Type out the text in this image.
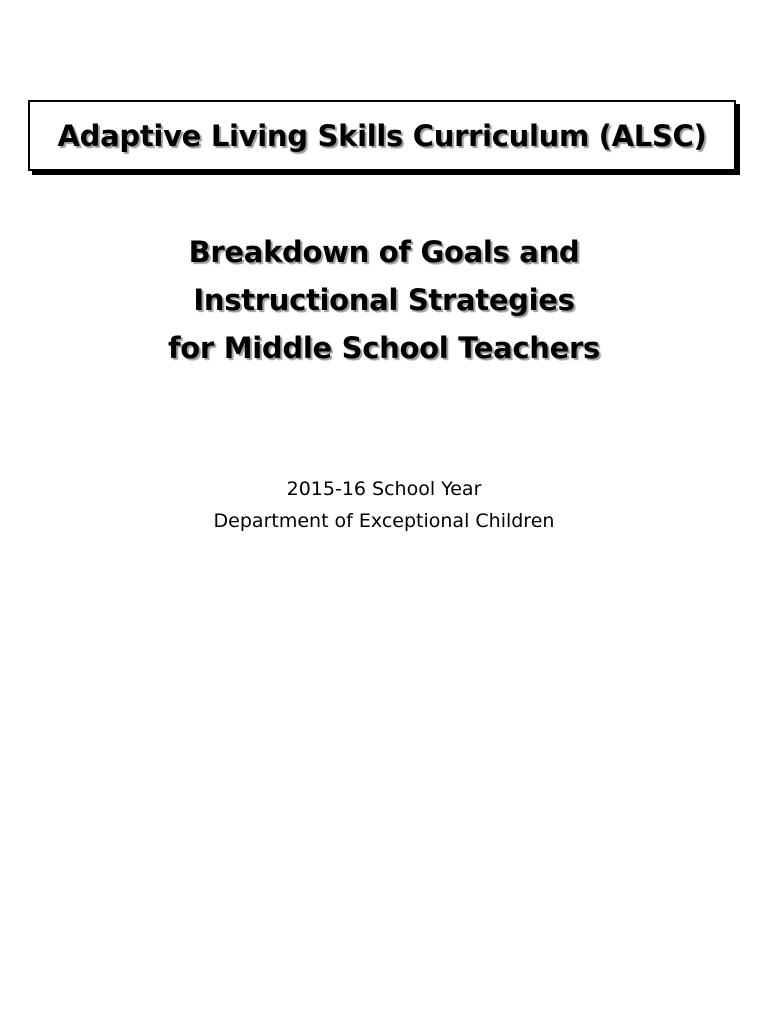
Adaptive Living Skills Curriculum (ALSC)
Breakdown of Goals and
Instructional Strategies
for Middle School Teachers
2015-16 School Year
Department of Exceptional Children
